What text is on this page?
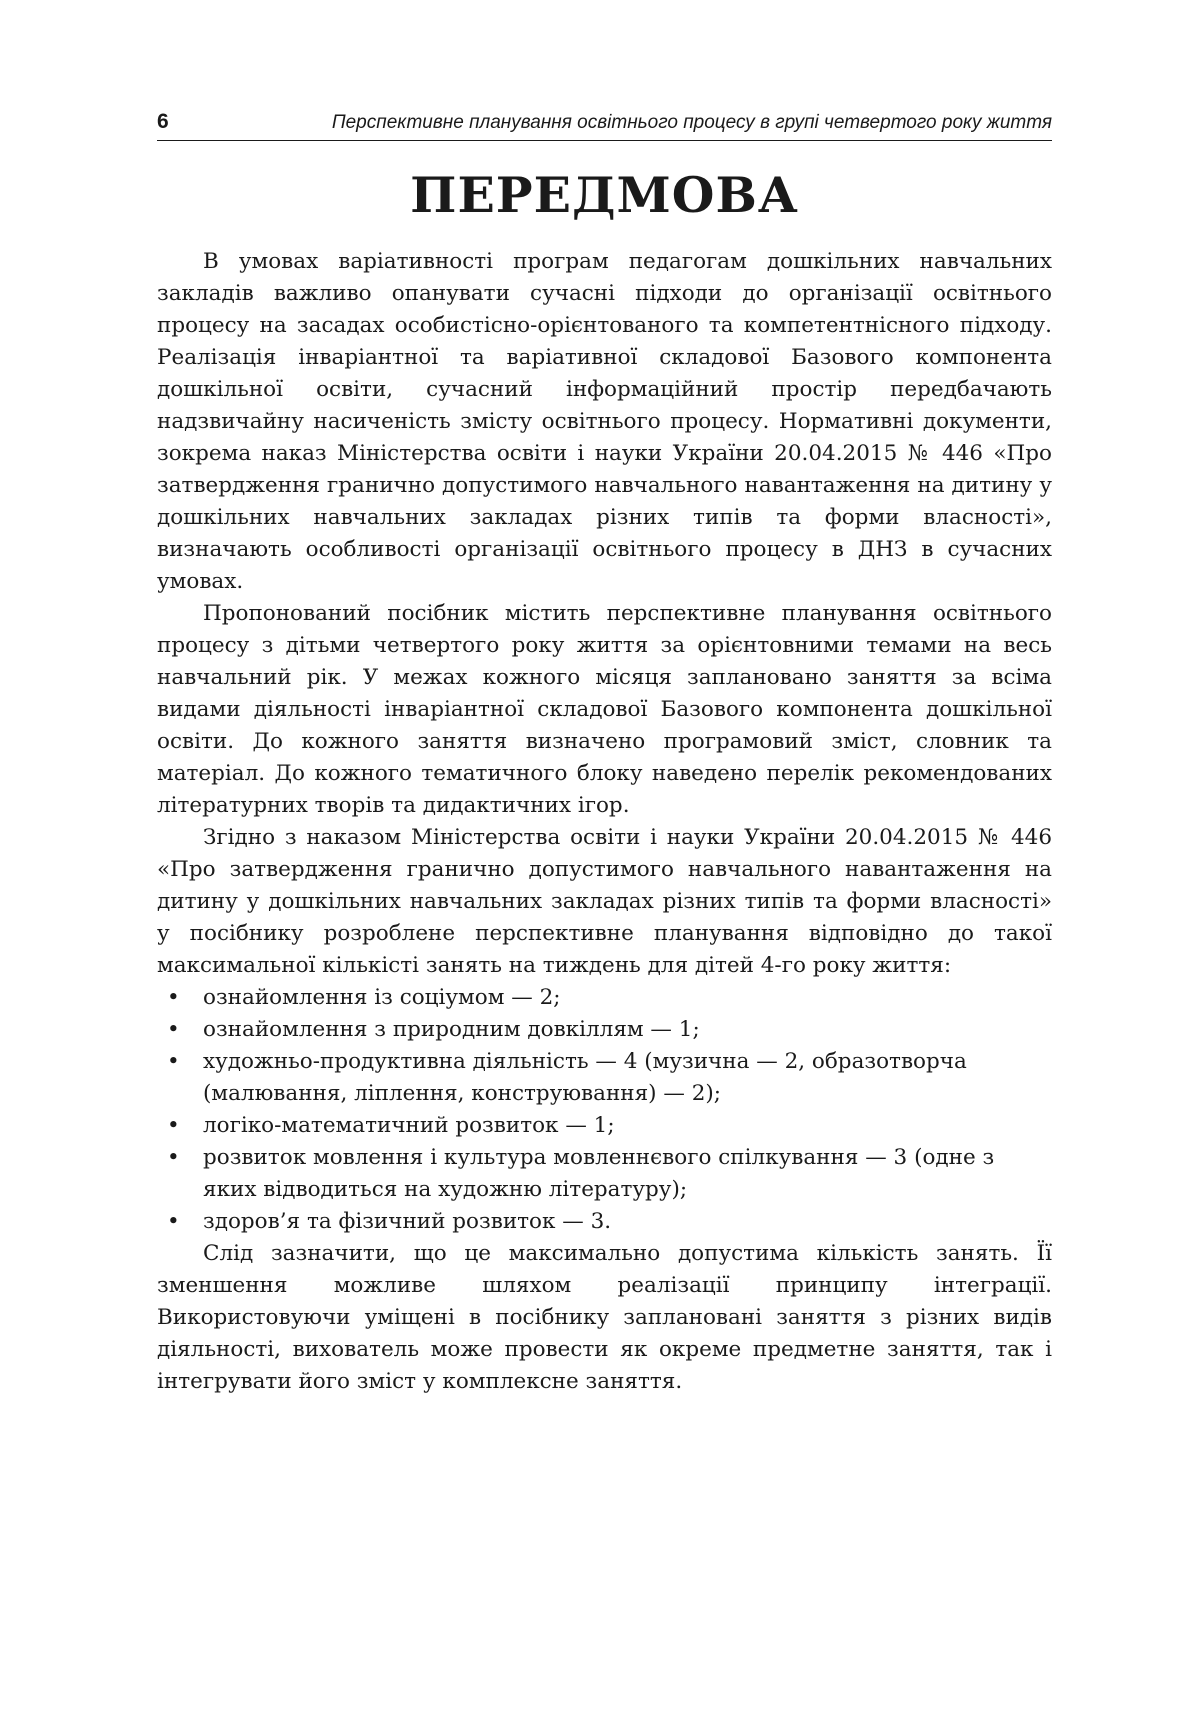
6	Перспективне планування освітнього процесу в групі четвертого року життя
ПЕРЕДМОВА

В умовах варіативності програм педагогам дошкільних навчальних закладів важливо опанувати сучасні підходи до організації освітнього процесу на засадах особистісно-орієнтованого та компетентнісного підходу. Реалізація інваріантної та варіативної складової Базового компонента дошкільної освіти, сучасний інформаційний простір передбачають надзвичайну насиченість змісту освітнього процесу. Нормативні документи, зокрема наказ Міністерства освіти і науки України 20.04.2015 № 446 «Про затвердження гранично допустимого навчального навантаження на дитину у дошкільних навчальних закладах різних типів та форми власності», визначають особливості організації освітнього процесу в ДНЗ в сучасних умовах.

Пропонований посібник містить перспективне планування освітнього процесу з дітьми четвертого року життя за орієнтовними темами на весь навчальний рік. У межах кожного місяця заплановано заняття за всіма видами діяльності інваріантної складової Базового компонента дошкільної освіти. До кожного заняття визначено програмовий зміст, словник та матеріал. До кожного тематичного блоку наведено перелік рекомендованих літературних творів та дидактичних ігор.

Згідно з наказом Міністерства освіти і науки України 20.04.2015 № 446 «Про затвердження гранично допустимого навчального навантаження на дитину у дошкільних навчальних закладах різних типів та форми власності» у посібнику розроблене перспективне планування відповідно до такої максимальної кількісті занять на тиждень для дітей 4-го року життя:

• ознайомлення із соціумом — 2;
• ознайомлення з природним довкіллям — 1;
• художньо-продуктивна діяльність — 4 (музична — 2, образотворча (малювання, ліплення, конструювання) — 2);
• логіко-математичний розвиток — 1;
• розвиток мовлення і культура мовленнєвого спілкування — 3 (одне з яких відводиться на художню літературу);
• здоров’я та фізичний розвиток — 3.

Слід зазначити, що це максимально допустима кількість занять. Її зменшення можливе шляхом реалізації принципу інтеграції. Використовуючи уміщені в посібнику заплановані заняття з різних видів діяльності, вихователь може провести як окреме предметне заняття, так і інтегрувати його зміст у комплексне заняття.
